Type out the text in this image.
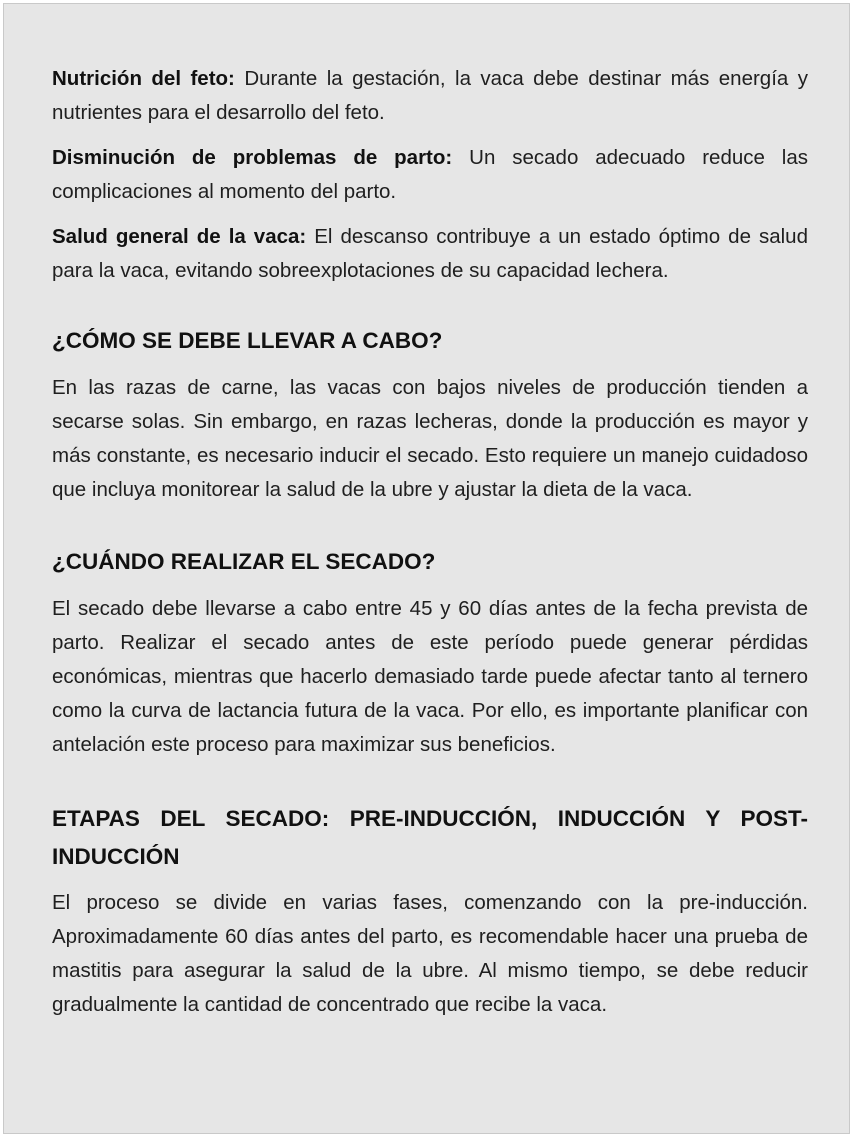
Nutrición del feto: Durante la gestación, la vaca debe destinar más energía y nutrientes para el desarrollo del feto.

Disminución de problemas de parto: Un secado adecuado reduce las complicaciones al momento del parto.

Salud general de la vaca: El descanso contribuye a un estado óptimo de salud para la vaca, evitando sobreexplotaciones de su capacidad lechera.

¿CÓMO SE DEBE LLEVAR A CABO?

En las razas de carne, las vacas con bajos niveles de producción tienden a secarse solas. Sin embargo, en razas lecheras, donde la producción es mayor y más constante, es necesario inducir el secado. Esto requiere un manejo cuidadoso que incluya monitorear la salud de la ubre y ajustar la dieta de la vaca.

¿CUÁNDO REALIZAR EL SECADO?

El secado debe llevarse a cabo entre 45 y 60 días antes de la fecha prevista de parto. Realizar el secado antes de este período puede generar pérdidas económicas, mientras que hacerlo demasiado tarde puede afectar tanto al ternero como la curva de lactancia futura de la vaca. Por ello, es importante planificar con antelación este proceso para maximizar sus beneficios.

ETAPAS DEL SECADO: PRE-INDUCCIÓN, INDUCCIÓN Y POST-INDUCCIÓN

El proceso se divide en varias fases, comenzando con la pre-inducción. Aproximadamente 60 días antes del parto, es recomendable hacer una prueba de mastitis para asegurar la salud de la ubre. Al mismo tiempo, se debe reducir gradualmente la cantidad de concentrado que recibe la vaca.
